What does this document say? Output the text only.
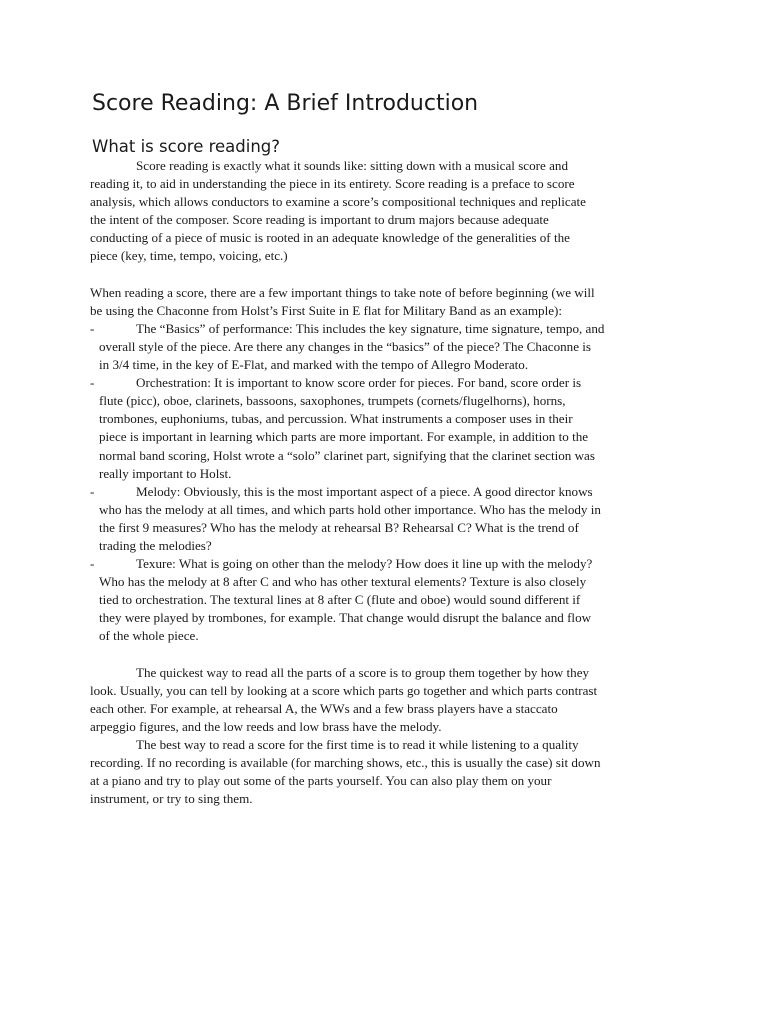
Score Reading: A Brief Introduction
What is score reading?
Score reading is exactly what it sounds like: sitting down with a musical score and
reading it, to aid in understanding the piece in its entirety. Score reading is a preface to score
analysis, which allows conductors to examine a score’s compositional techniques and replicate
the intent of the composer. Score reading is important to drum majors because adequate
conducting of a piece of music is rooted in an adequate knowledge of the generalities of the
piece (key, time, tempo, voicing, etc.)
When reading a score, there are a few important things to take note of before beginning (we will
be using the Chaconne from Holst’s First Suite in E flat for Military Band as an example):
-	The “Basics” of performance: This includes the key signature, time signature, tempo, and
overall style of the piece. Are there any changes in the “basics” of the piece? The Chaconne is
in 3/4 time, in the key of E-Flat, and marked with the tempo of Allegro Moderato.
-	Orchestration: It is important to know score order for pieces. For band, score order is
flute (picc), oboe, clarinets, bassoons, saxophones, trumpets (cornets/flugelhorns), horns,
trombones, euphoniums, tubas, and percussion. What instruments a composer uses in their
piece is important in learning which parts are more important. For example, in addition to the
normal band scoring, Holst wrote a “solo” clarinet part, signifying that the clarinet section was
really important to Holst.
-	Melody: Obviously, this is the most important aspect of a piece. A good director knows
who has the melody at all times, and which parts hold other importance. Who has the melody in
the first 9 measures? Who has the melody at rehearsal B? Rehearsal C? What is the trend of
trading the melodies?
-	Texure: What is going on other than the melody? How does it line up with the melody?
Who has the melody at 8 after C and who has other textural elements? Texture is also closely
tied to orchestration. The textural lines at 8 after C (flute and oboe) would sound different if
they were played by trombones, for example. That change would disrupt the balance and flow
of the whole piece.
The quickest way to read all the parts of a score is to group them together by how they
look. Usually, you can tell by looking at a score which parts go together and which parts contrast
each other. For example, at rehearsal A, the WWs and a few brass players have a staccato
arpeggio figures, and the low reeds and low brass have the melody.
The best way to read a score for the first time is to read it while listening to a quality
recording. If no recording is available (for marching shows, etc., this is usually the case) sit down
at a piano and try to play out some of the parts yourself. You can also play them on your
instrument, or try to sing them.
